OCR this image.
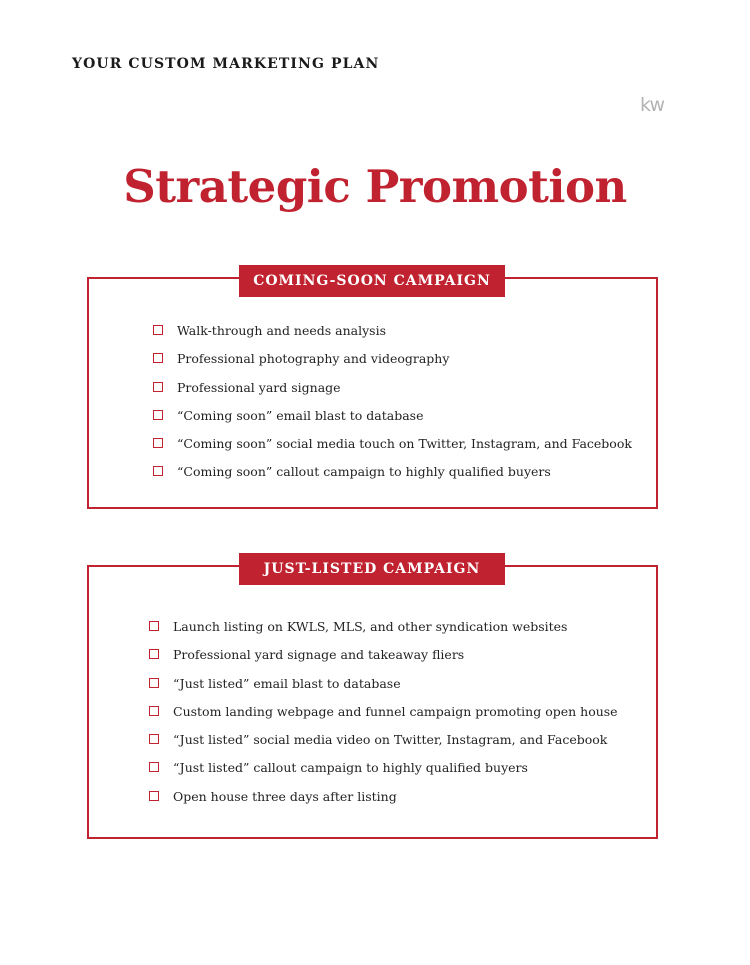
YOUR CUSTOM MARKETING PLAN
kw
Strategic Promotion
COMING-SOON CAMPAIGN
Walk-through and needs analysis
Professional photography and videography
Professional yard signage
“Coming soon” email blast to database
“Coming soon” social media touch on Twitter, Instagram, and Facebook
“Coming soon” callout campaign to highly qualified buyers
JUST-LISTED CAMPAIGN
Launch listing on KWLS, MLS, and other syndication websites
Professional yard signage and takeaway fliers
“Just listed” email blast to database
Custom landing webpage and funnel campaign promoting open house
“Just listed” social media video on Twitter, Instagram, and Facebook
“Just listed” callout campaign to highly qualified buyers
Open house three days after listing
